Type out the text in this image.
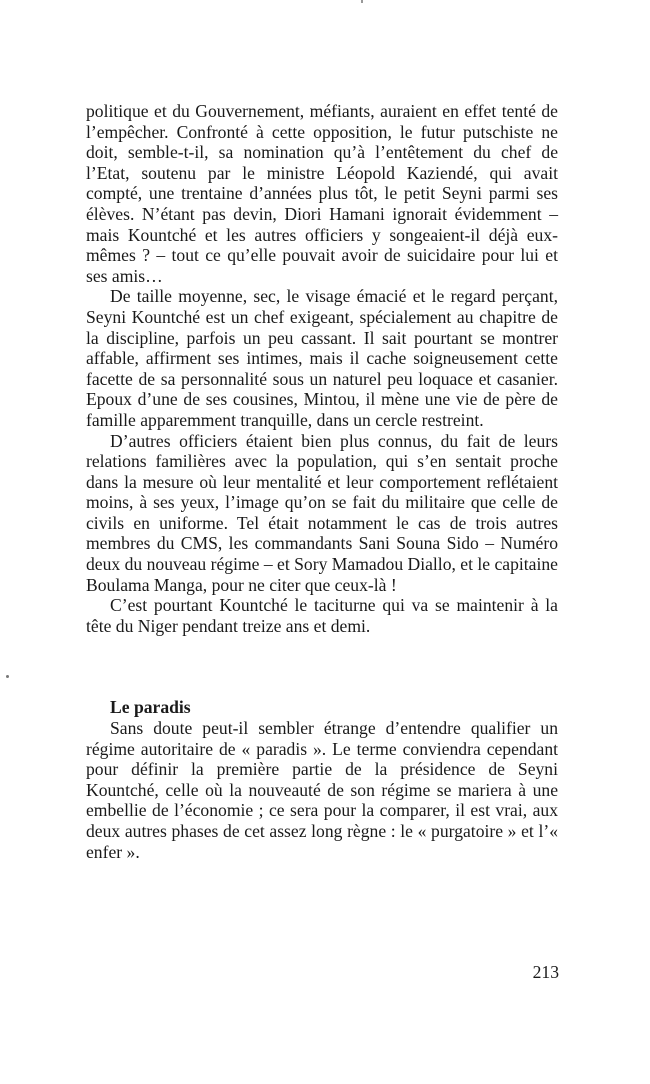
politique et du Gouvernement, méfiants, auraient en effet tenté de l’empêcher. Confronté à cette opposition, le futur putschiste ne doit, semble-t-il, sa nomination qu’à l’entêtement du chef de l’Etat, soutenu par le ministre Léopold Kaziendé, qui avait compté, une trentaine d’années plus tôt, le petit Seyni parmi ses élèves. N’étant pas devin, Diori Hamani ignorait évidemment – mais Kountché et les autres officiers y songeaient-il déjà eux-mêmes ? – tout ce qu’elle pouvait avoir de suicidaire pour lui et ses amis…

De taille moyenne, sec, le visage émacié et le regard perçant, Seyni Kountché est un chef exigeant, spécialement au chapitre de la discipline, parfois un peu cassant. Il sait pourtant se montrer affable, affirment ses intimes, mais il cache soigneusement cette facette de sa personnalité sous un naturel peu loquace et casanier. Epoux d’une de ses cousines, Mintou, il mène une vie de père de famille apparemment tranquille, dans un cercle restreint.

D’autres officiers étaient bien plus connus, du fait de leurs relations familières avec la population, qui s’en sentait proche dans la mesure où leur mentalité et leur comportement reflétaient moins, à ses yeux, l’image qu’on se fait du militaire que celle de civils en uniforme. Tel était notamment le cas de trois autres membres du CMS, les commandants Sani Souna Sido – Numéro deux du nouveau régime – et Sory Mamadou Diallo, et le capitaine Boulama Manga, pour ne citer que ceux-là !

C’est pourtant Kountché le taciturne qui va se maintenir à la tête du Niger pendant treize ans et demi.

Le paradis

Sans doute peut-il sembler étrange d’entendre qualifier un régime autoritaire de « paradis ». Le terme conviendra cependant pour définir la première partie de la présidence de Seyni Kountché, celle où la nouveauté de son régime se mariera à une embellie de l’économie ; ce sera pour la comparer, il est vrai, aux deux autres phases de cet assez long règne : le « purgatoire » et l’« enfer ».

213
